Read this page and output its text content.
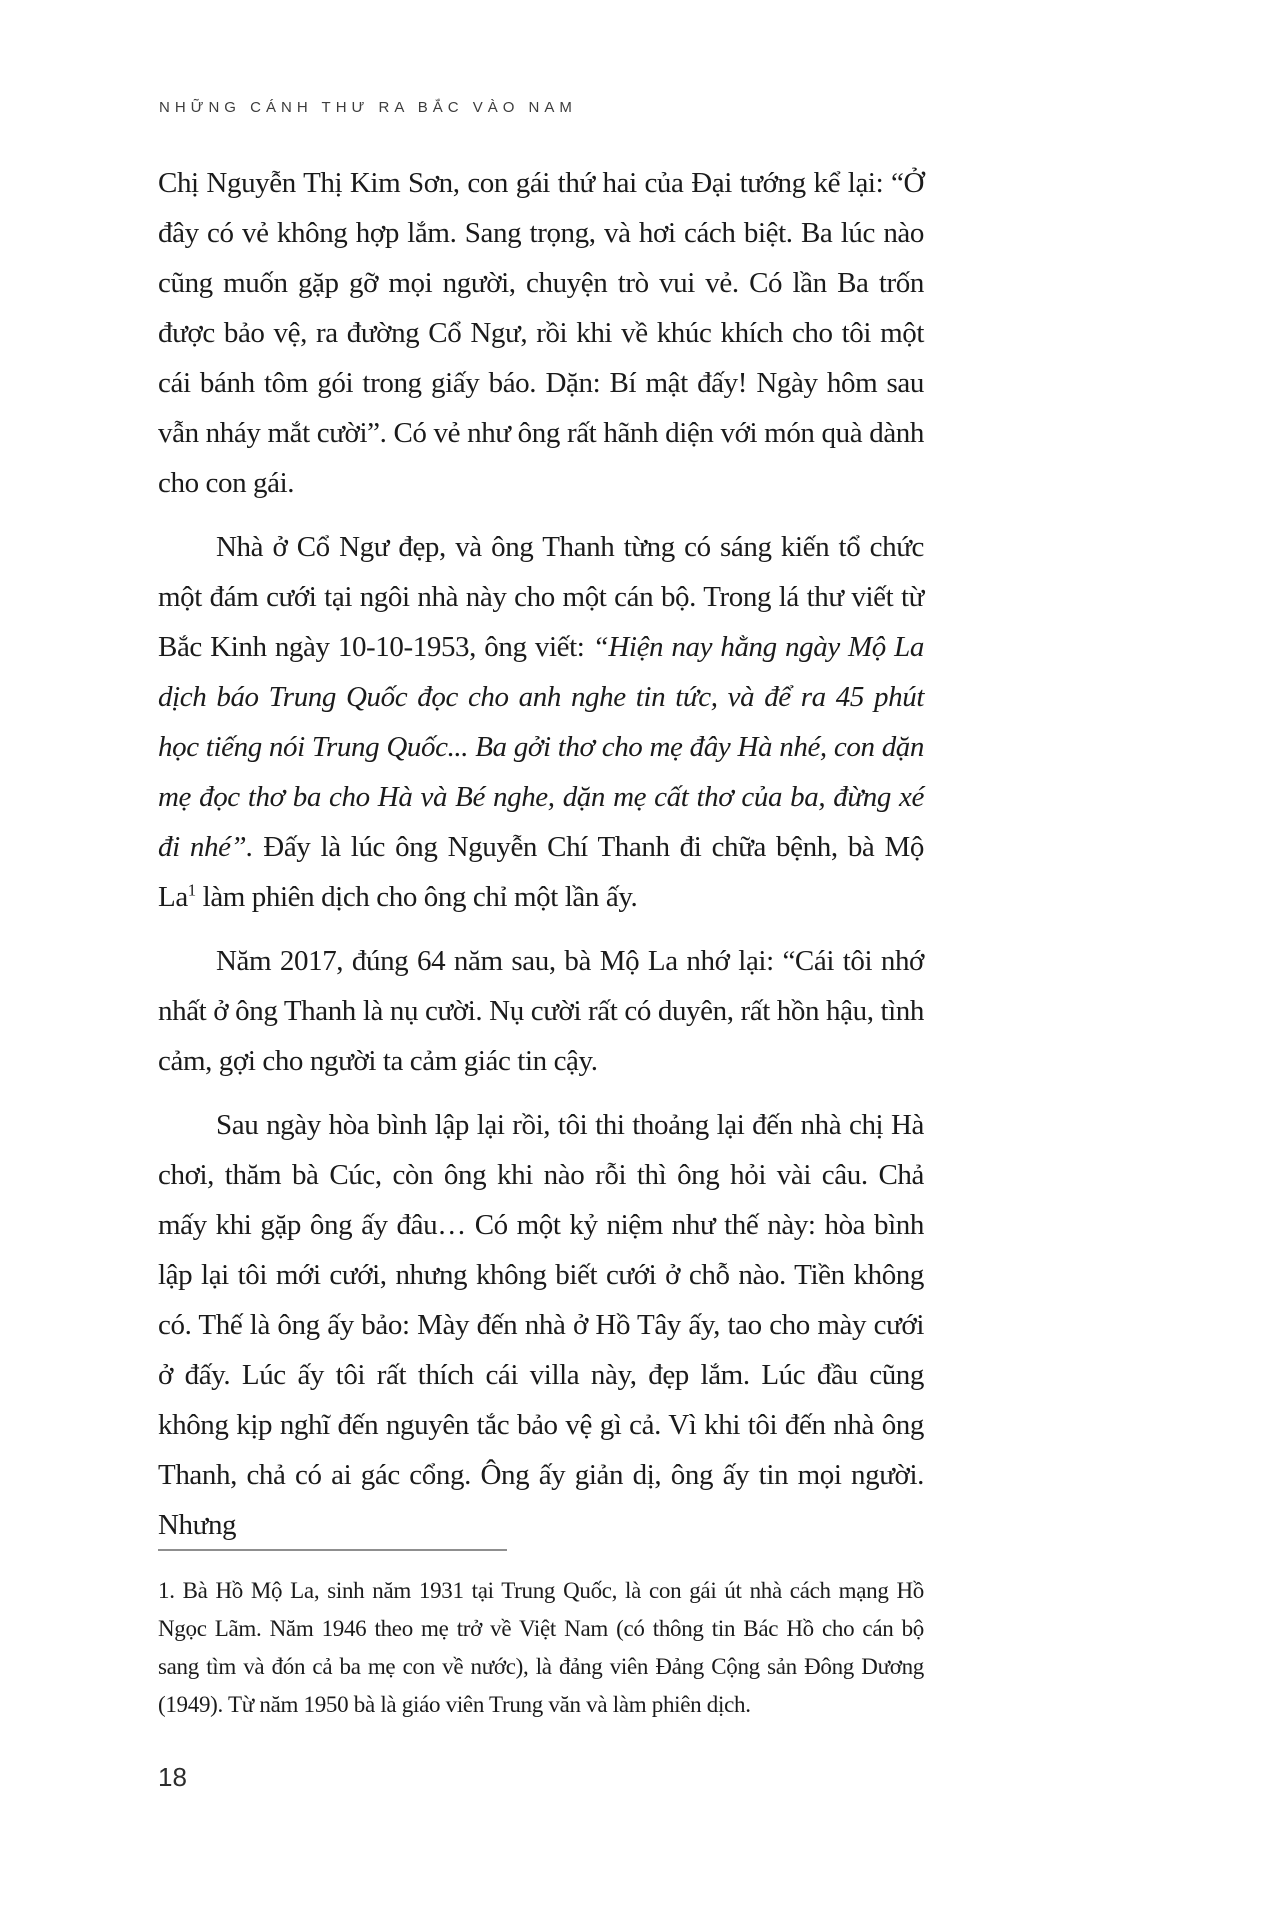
NHỮNG CÁNH THƯ RA BẮC VÀO NAM

Chị Nguyễn Thị Kim Sơn, con gái thứ hai của Đại tướng kể lại: “Ở đây có vẻ không hợp lắm. Sang trọng, và hơi cách biệt. Ba lúc nào cũng muốn gặp gỡ mọi người, chuyện trò vui vẻ. Có lần Ba trốn được bảo vệ, ra đường Cổ Ngư, rồi khi về khúc khích cho tôi một cái bánh tôm gói trong giấy báo. Dặn: Bí mật đấy! Ngày hôm sau vẫn nháy mắt cười”. Có vẻ như ông rất hãnh diện với món quà dành cho con gái.

Nhà ở Cổ Ngư đẹp, và ông Thanh từng có sáng kiến tổ chức một đám cưới tại ngôi nhà này cho một cán bộ. Trong lá thư viết từ Bắc Kinh ngày 10-10-1953, ông viết: “Hiện nay hằng ngày Mộ La dịch báo Trung Quốc đọc cho anh nghe tin tức, và để ra 45 phút học tiếng nói Trung Quốc... Ba gởi thơ cho mẹ đây Hà nhé, con dặn mẹ đọc thơ ba cho Hà và Bé nghe, dặn mẹ cất thơ của ba, đừng xé đi nhé”. Đấy là lúc ông Nguyễn Chí Thanh đi chữa bệnh, bà Mộ La$^1$ làm phiên dịch cho ông chỉ một lần ấy.

Năm 2017, đúng 64 năm sau, bà Mộ La nhớ lại: “Cái tôi nhớ nhất ở ông Thanh là nụ cười. Nụ cười rất có duyên, rất hồn hậu, tình cảm, gợi cho người ta cảm giác tin cậy.

Sau ngày hòa bình lập lại rồi, tôi thi thoảng lại đến nhà chị Hà chơi, thăm bà Cúc, còn ông khi nào rỗi thì ông hỏi vài câu. Chả mấy khi gặp ông ấy đâu… Có một kỷ niệm như thế này: hòa bình lập lại tôi mới cưới, nhưng không biết cưới ở chỗ nào. Tiền không có. Thế là ông ấy bảo: Mày đến nhà ở Hồ Tây ấy, tao cho mày cưới ở đấy. Lúc ấy tôi rất thích cái villa này, đẹp lắm. Lúc đầu cũng không kịp nghĩ đến nguyên tắc bảo vệ gì cả. Vì khi tôi đến nhà ông Thanh, chả có ai gác cổng. Ông ấy giản dị, ông ấy tin mọi người. Nhưng

1. Bà Hồ Mộ La, sinh năm 1931 tại Trung Quốc, là con gái út nhà cách mạng Hồ Ngọc Lãm. Năm 1946 theo mẹ trở về Việt Nam (có thông tin Bác Hồ cho cán bộ sang tìm và đón cả ba mẹ con về nước), là đảng viên Đảng Cộng sản Đông Dương (1949). Từ năm 1950 bà là giáo viên Trung văn và làm phiên dịch.
18
